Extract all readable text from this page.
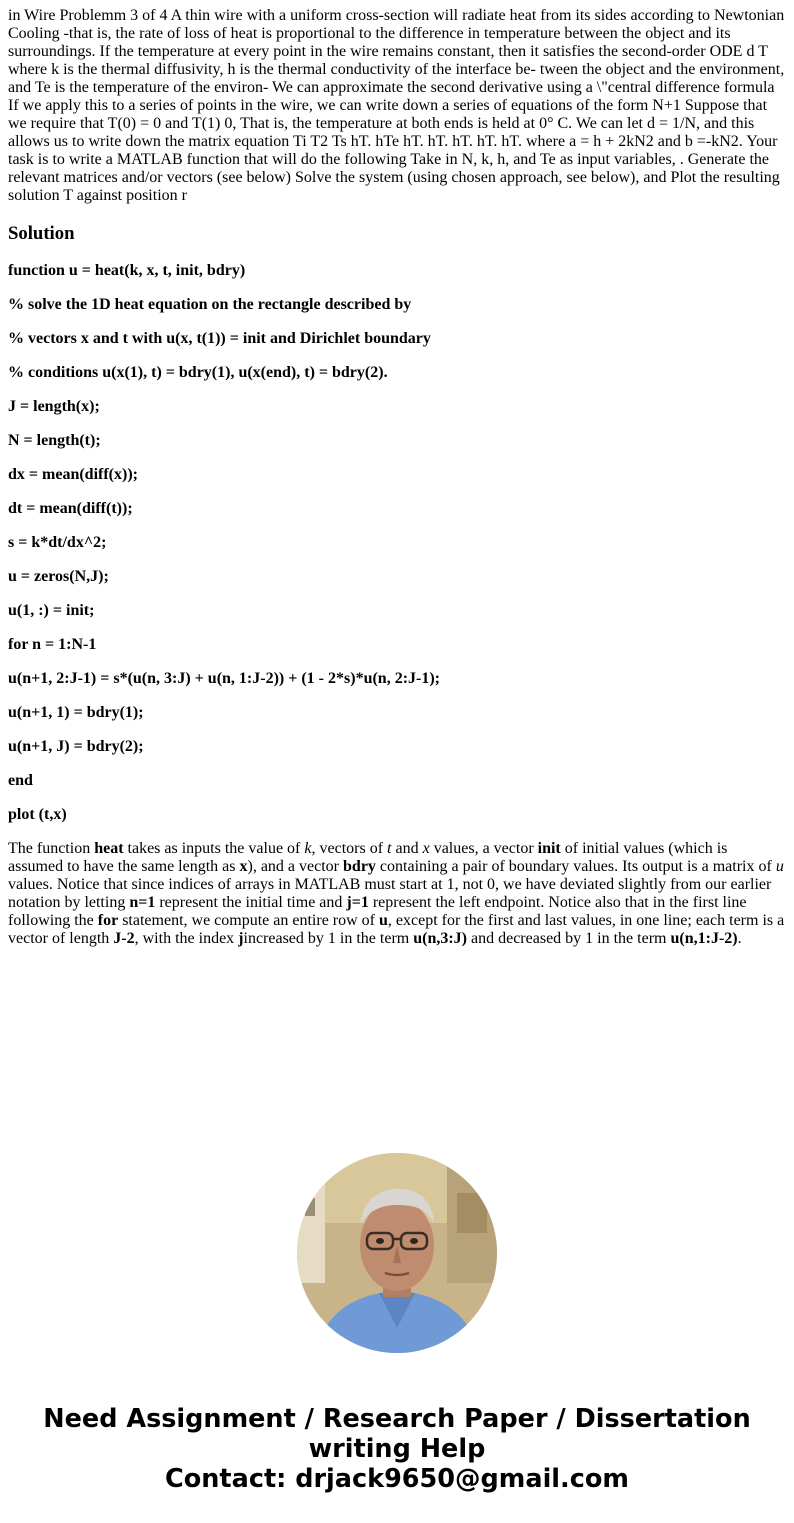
in Wire Problemm 3 of 4 A thin wire with a uniform cross-section will radiate heat from its sides according to Newtonian Cooling -that is, the rate of loss of heat is proportional to the difference in temperature between the object and its surroundings. If the temperature at every point in the wire remains constant, then it satisfies the second-order ODE d T where k is the thermal diffusivity, h is the thermal conductivity of the interface be- tween the object and the environment, and Te is the temperature of the environ- We can approximate the second derivative using a \"central difference formula If we apply this to a series of points in the wire, we can write down a series of equations of the form N+1 Suppose that we require that T(0) = 0 and T(1) 0, That is, the temperature at both ends is held at 0° C. We can let d = 1/N, and this allows us to write down the matrix equation Ti T2 Ts hT. hTe hT. hT. hT. hT. hT. where a = h + 2kN2 and b =-kN2. Your task is to write a MATLAB function that will do the following Take in N, k, h, and Te as input variables, . Generate the relevant matrices and/or vectors (see below) Solve the system (using chosen approach, see below), and Plot the resulting solution T against position r

Solution

function u = heat(k, x, t, init, bdry)

% solve the 1D heat equation on the rectangle described by

% vectors x and t with u(x, t(1)) = init and Dirichlet boundary

% conditions u(x(1), t) = bdry(1), u(x(end), t) = bdry(2).

J = length(x);

N = length(t);

dx = mean(diff(x));

dt = mean(diff(t));

s = k*dt/dx^2;

u = zeros(N,J);

u(1, :) = init;

for n = 1:N-1

u(n+1, 2:J-1) = s*(u(n, 3:J) + u(n, 1:J-2)) + (1 - 2*s)*u(n, 2:J-1);

u(n+1, 1) = bdry(1);

u(n+1, J) = bdry(2);

end

plot (t,x)

The function heat takes as inputs the value of k, vectors of t and x values, a vector init of initial values (which is assumed to have the same length as x), and a vector bdry containing a pair of boundary values. Its output is a matrix of u values. Notice that since indices of arrays in MATLAB must start at 1, not 0, we have deviated slightly from our earlier notation by letting n=1 represent the initial time and j=1 represent the left endpoint. Notice also that in the first line following the for statement, we compute an entire row of u, except for the first and last values, in one line; each term is a vector of length J-2, with the index jincreased by 1 in the term u(n,3:J) and decreased by 1 in the term u(n,1:J-2).

Need Assignment / Research Paper / Dissertation
writing Help
Contact: drjack9650@gmail.com
